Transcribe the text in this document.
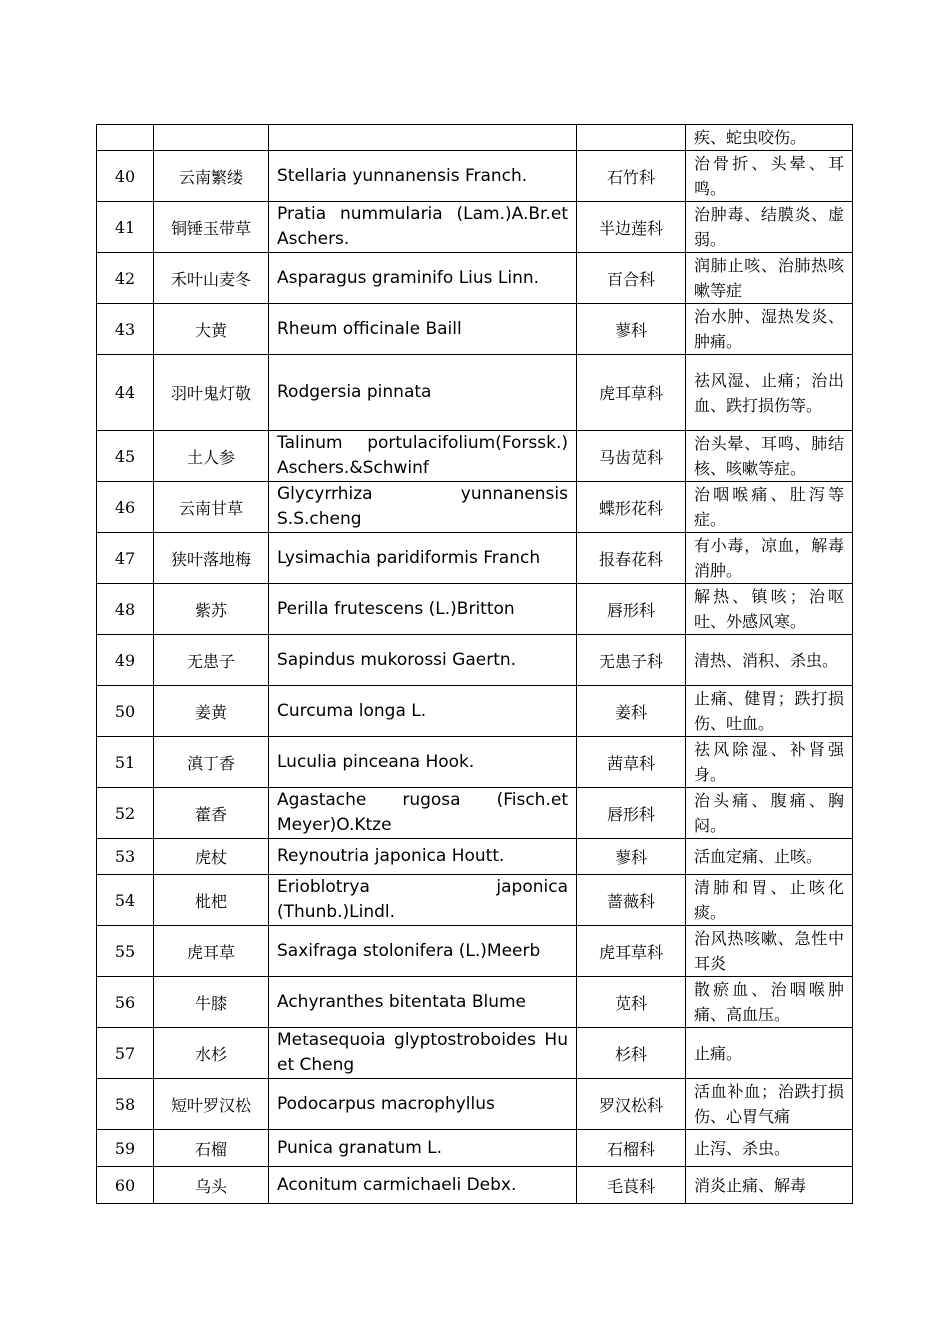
				疾、蛇虫咬伤。
40	云南繁缕	Stellaria yunnanensis Franch.	石竹科	治骨折、头晕、耳鸣。
41	铜锤玉带草	Pratia nummularia (Lam.)A.Br.et Aschers.	半边莲科	治肿毒、结膜炎、虚弱。
42	禾叶山麦冬	Asparagus graminifo Lius Linn.	百合科	润肺止咳、治肺热咳嗽等症
43	大黄	Rheum officinale Baill	蓼科	治水肿、湿热发炎、肿痛。
44	羽叶鬼灯敬	Rodgersia pinnata	虎耳草科	祛风湿、止痛；治出血、跌打损伤等。
45	土人参	Talinum portulacifolium(Forssk.) Aschers.&Schwinf	马齿苋科	治头晕、耳鸣、肺结核、咳嗽等症。
46	云南甘草	Glycyrrhiza yunnanensis S.S.cheng	蝶形花科	治咽喉痛、肚泻等症。
47	狭叶落地梅	Lysimachia paridiformis Franch	报春花科	有小毒，凉血，解毒消肿。
48	紫苏	Perilla frutescens (L.)Britton	唇形科	解热、镇咳；治呕吐、外感风寒。
49	无患子	Sapindus mukorossi Gaertn.	无患子科	清热、消积、杀虫。
50	姜黄	Curcuma longa L.	姜科	止痛、健胃；跌打损伤、吐血。
51	滇丁香	Luculia pinceana Hook.	茜草科	祛风除湿、补肾强身。
52	藿香	Agastache rugosa (Fisch.et Meyer)O.Ktze	唇形科	治头痛、腹痛、胸闷。
53	虎杖	Reynoutria japonica Houtt.	蓼科	活血定痛、止咳。
54	枇杷	Erioblotrya japonica (Thunb.)Lindl.	蔷薇科	清肺和胃、止咳化痰。
55	虎耳草	Saxifraga stolonifera (L.)Meerb	虎耳草科	治风热咳嗽、急性中耳炎
56	牛膝	Achyranthes bitentata Blume	苋科	散瘀血、治咽喉肿痛、高血压。
57	水杉	Metasequoia glyptostroboides Hu et Cheng	杉科	止痛。
58	短叶罗汉松	Podocarpus macrophyllus	罗汉松科	活血补血；治跌打损伤、心胃气痛
59	石榴	Punica granatum L.	石榴科	止泻、杀虫。
60	乌头	Aconitum carmichaeli Debx.	毛茛科	消炎止痛、解毒
